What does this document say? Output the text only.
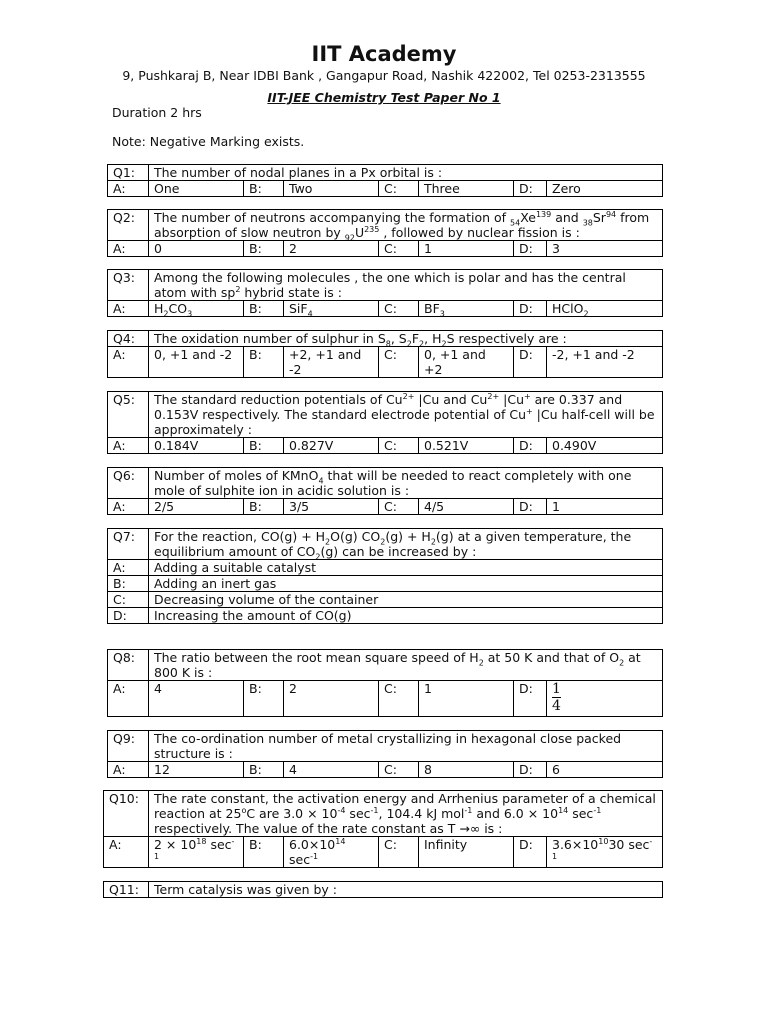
IIT Academy
9, Pushkaraj B, Near IDBI Bank , Gangapur Road, Nashik 422002, Tel 0253-2313555
IIT-JEE Chemistry Test Paper No 1
Duration 2 hrs
Note: Negative Marking exists.
Q1:	The number of nodal planes in a Px orbital is :						
A:	One	B:	Two	C:	Three	D:	Zero
Q2:	The number of neutrons accompanying the formation of $_{54}Xe^{139}$ and $_{38}Sr^{94}$ from absorption of slow neutron by $_{92}U^{235}$ , followed by nuclear fission is :						
A:	0	B:	2	C:	1	D:	3
Q3:	Among the following molecules , the one which is polar and has the central atom with $sp^2$ hybrid state is :						
A:	$H_2CO_3$	B:	SiF$_4$	C:	$BF_3$	D:	HClO$_2$
Q4:	The oxidation number of sulphur in $S_8$, $S_2F_2$, $H_2S$ respectively are :						
A:	0, +1 and -2	B:	+2, +1 and -2	C:	0, +1 and +2	D:	-2, +1 and -2
Q5:	The standard reduction potentials of $Cu^{2+}$ |Cu and $Cu^{2+}$ |Cu+ are 0.337 and 0.153V respectively. The standard electrode potential of Cu+ |Cu half-cell will be approximately :						
A:	0.184V	B:	0.827V	C:	0.521V	D:	0.490V
Q6:	Number of moles of KMnO$_4$ that will be needed to react completely with one mole of sulphite ion in acidic solution is :						
A:	2/5	B:	3/5	C:	4/5	D:	1
Q7:	For the reaction, $CO(g) + H_2O(g) CO_2(g) + H_2(g)$ at a given temperature, the equilibrium amount of $CO_2(g)$ can be increased by :
A:	Adding a suitable catalyst
B:	Adding an inert gas
C:	Decreasing volume of the container
D:	Increasing the amount of CO(g)
Q8:	The ratio between the root mean square speed of $H_2$ at 50 K and that of $O_2$ at 800 K is :						
A:	4	B:	2	C:	1	D:	$\frac{1}{4}$
Q9:	The co-ordination number of metal crystallizing in hexagonal close packed structure is :						
A:	12	B:	4	C:	8	D:	6
Q10:	The rate constant, the activation energy and Arrhenius parameter of a chemical reaction at 25$^o$C are $3.0 \times 10^{-4}$ $\sec^{-1}$, 104.4 kJ mol$^{-1}$ and $6.0 \times 10^{14}$ $\sec^{-1}$ respectively. The value of the rate constant as T →∞ is :						
A:	$2 \times 10^{18}$ $\sec^{-1}$	B:	$6.0\times 10^{14}$ $\sec^{-1}$	C:	Infinity	D:	$3.6\times 10^{10}30$ $\sec^{-1}$
Q11:	Term catalysis was given by :
